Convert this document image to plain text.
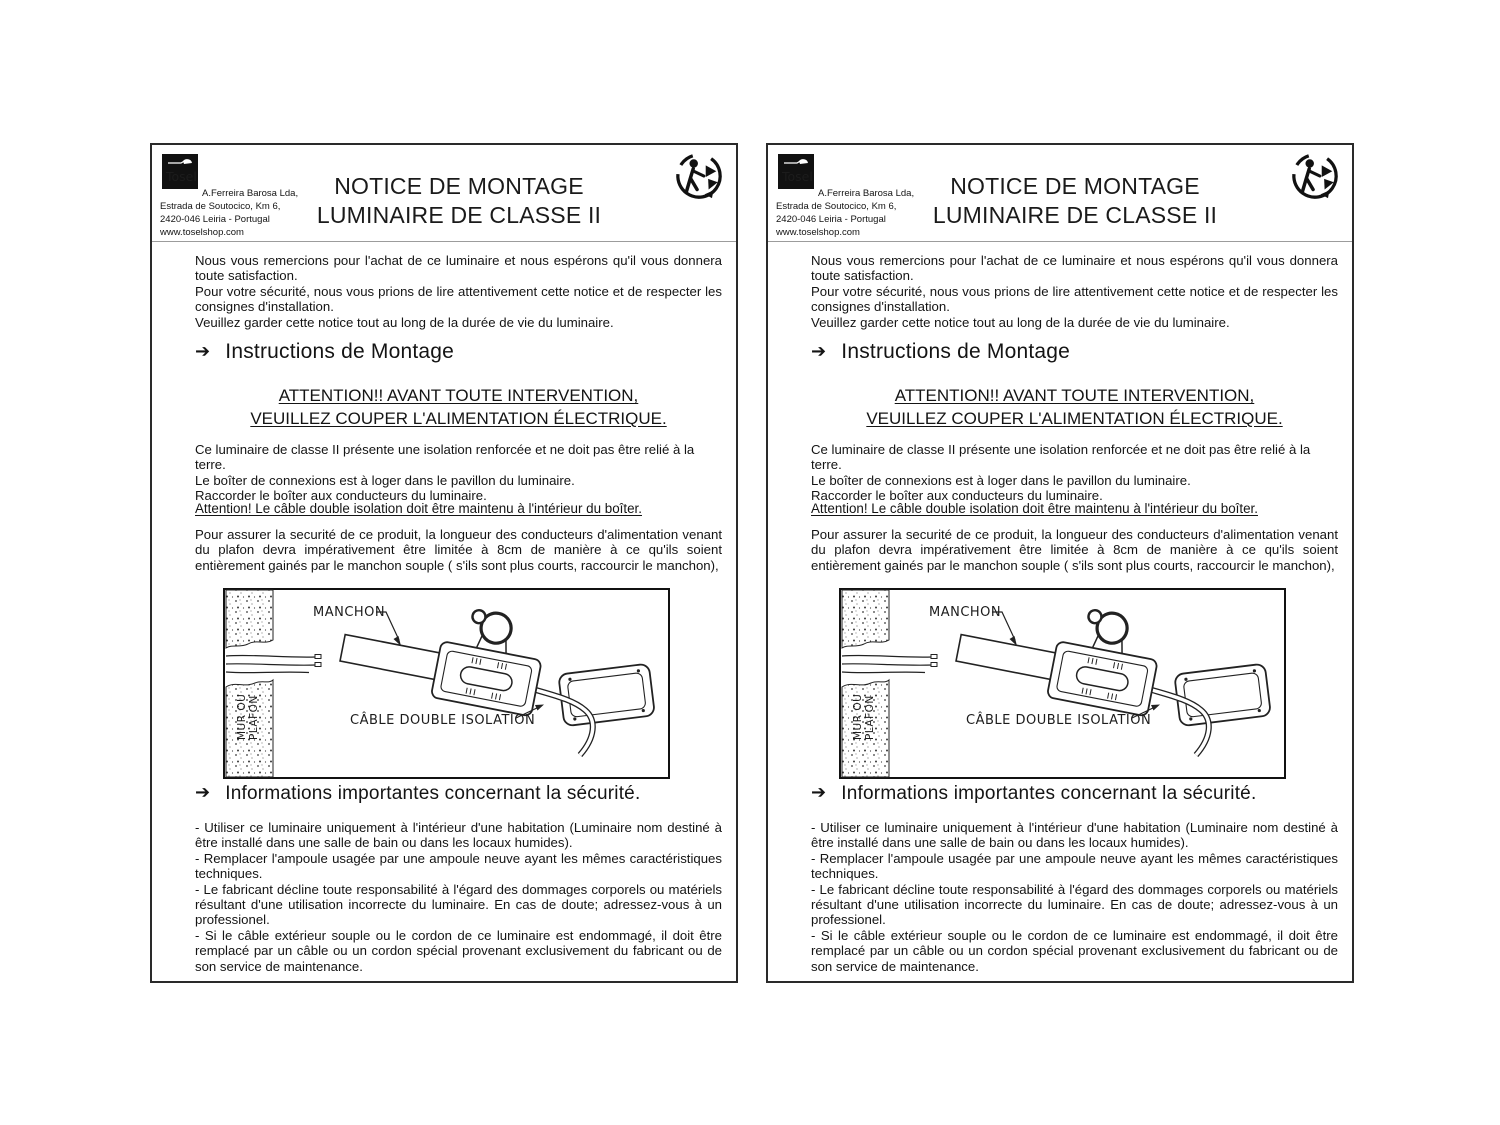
Tosel
A.Ferreira Barosa Lda,
Estrada de Soutocico, Km 6,
2420-046 Leiria - Portugal
www.toselshop.com
NOTICE DE MONTAGE
LUMINAIRE DE CLASSE II

Nous vous remercions pour l'achat de ce luminaire et nous espérons qu'il vous donnera toute satisfaction.

Pour votre sécurité, nous vous prions de lire attentivement cette notice et de respecter les consignes d'installation.

Veuillez garder cette notice tout au long de la durée de vie du luminaire.

➔ Instructions de Montage
ATTENTION!! AVANT TOUTE INTERVENTION,
VEUILLEZ COUPER L'ALIMENTATION ÉLECTRIQUE.

Ce luminaire de classe II présente une isolation renforcée et ne doit pas être relié à la terre.

Le boîter de connexions est à loger dans le pavillon du luminaire.

Raccorder le boîter aux conducteurs du luminaire.

Attention! Le câble double isolation doit être maintenu à l'intérieur du boîter.

Pour assurer la securité de ce produit, la longueur des conducteurs d'alimentation venant du plafon devra impérativement être limitée à 8cm de manière à ce qu'ils soient entièrement gainés par le manchon souple ( s'ils sont plus courts, raccourcir le manchon),

MUR OU PLAFON
MANCHON
CÂBLE DOUBLE ISOLATION
➔ Informations importantes concernant la sécurité.

- Utiliser ce luminaire uniquement à l'intérieur d'une habitation (Luminaire nom destiné à être installé dans une salle de bain ou dans les locaux humides).

- Remplacer l'ampoule usagée par une ampoule neuve ayant les mêmes caractéristiques techniques.

- Le fabricant décline toute responsabilité à l'égard des dommages corporels ou matériels résultant d'une utilisation incorrecte du luminaire. En cas de doute; adressez-vous à un professionel.

- Si le câble extérieur souple ou le cordon de ce luminaire est endommagé, il doit être remplacé par un câble ou un cordon spécial provenant exclusivement du fabricant ou de son service de maintenance.

Tosel
A.Ferreira Barosa Lda,
Estrada de Soutocico, Km 6,
2420-046 Leiria - Portugal
www.toselshop.com
NOTICE DE MONTAGE
LUMINAIRE DE CLASSE II

Nous vous remercions pour l'achat de ce luminaire et nous espérons qu'il vous donnera toute satisfaction.

Pour votre sécurité, nous vous prions de lire attentivement cette notice et de respecter les consignes d'installation.

Veuillez garder cette notice tout au long de la durée de vie du luminaire.

➔ Instructions de Montage
ATTENTION!! AVANT TOUTE INTERVENTION,
VEUILLEZ COUPER L'ALIMENTATION ÉLECTRIQUE.

Ce luminaire de classe II présente une isolation renforcée et ne doit pas être relié à la terre.

Le boîter de connexions est à loger dans le pavillon du luminaire.

Raccorder le boîter aux conducteurs du luminaire.

Attention! Le câble double isolation doit être maintenu à l'intérieur du boîter.

Pour assurer la securité de ce produit, la longueur des conducteurs d'alimentation venant du plafon devra impérativement être limitée à 8cm de manière à ce qu'ils soient entièrement gainés par le manchon souple ( s'ils sont plus courts, raccourcir le manchon),

MUR OU PLAFON
MANCHON
CÂBLE DOUBLE ISOLATION
➔ Informations importantes concernant la sécurité.

- Utiliser ce luminaire uniquement à l'intérieur d'une habitation (Luminaire nom destiné à être installé dans une salle de bain ou dans les locaux humides).

- Remplacer l'ampoule usagée par une ampoule neuve ayant les mêmes caractéristiques techniques.

- Le fabricant décline toute responsabilité à l'égard des dommages corporels ou matériels résultant d'une utilisation incorrecte du luminaire. En cas de doute; adressez-vous à un professionel.

- Si le câble extérieur souple ou le cordon de ce luminaire est endommagé, il doit être remplacé par un câble ou un cordon spécial provenant exclusivement du fabricant ou de son service de maintenance.
